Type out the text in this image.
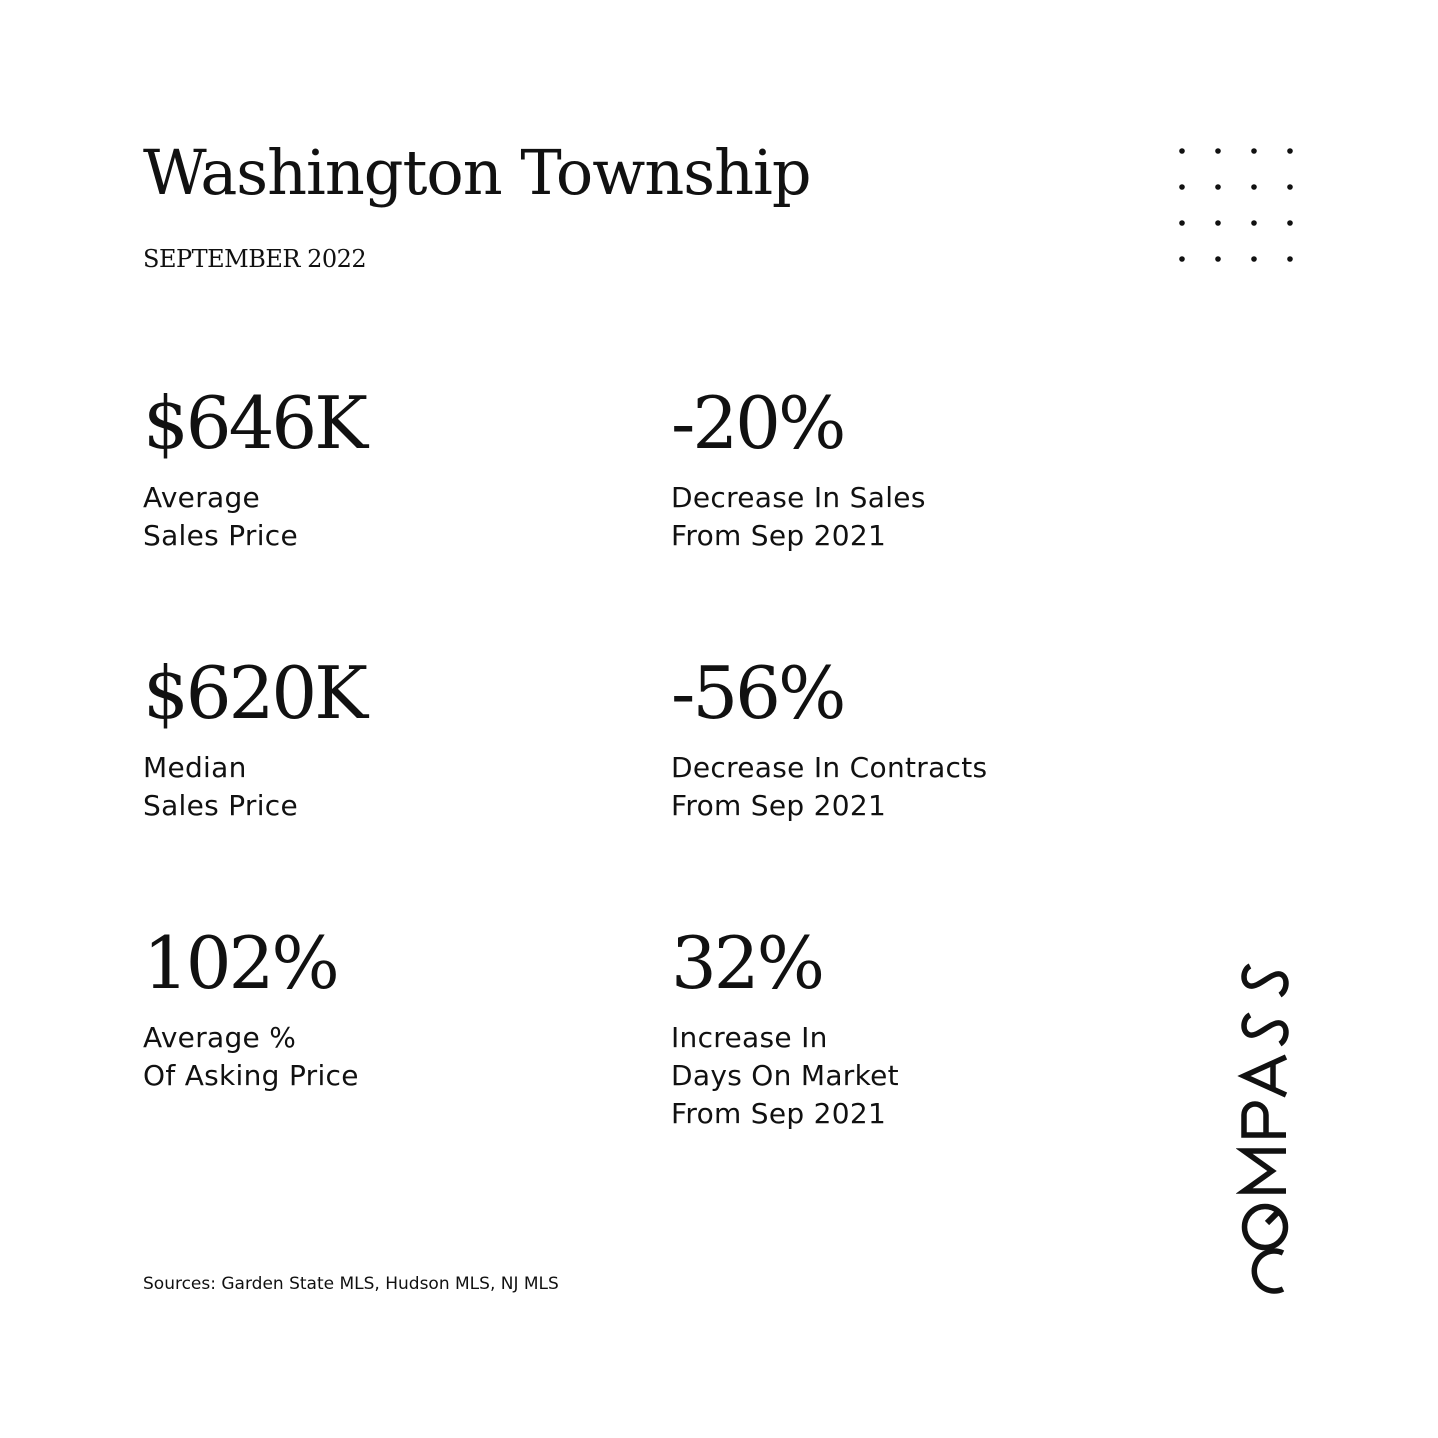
Washington Township
SEPTEMBER 2022
$646K
Average
Sales Price
-20%
Decrease In Sales
From Sep 2021
$620K
Median
Sales Price
-56%
Decrease In Contracts
From Sep 2021
102%
Average %
Of Asking Price
32%
Increase In
Days On Market
From Sep 2021
Sources: Garden State MLS, Hudson MLS, NJ MLS
